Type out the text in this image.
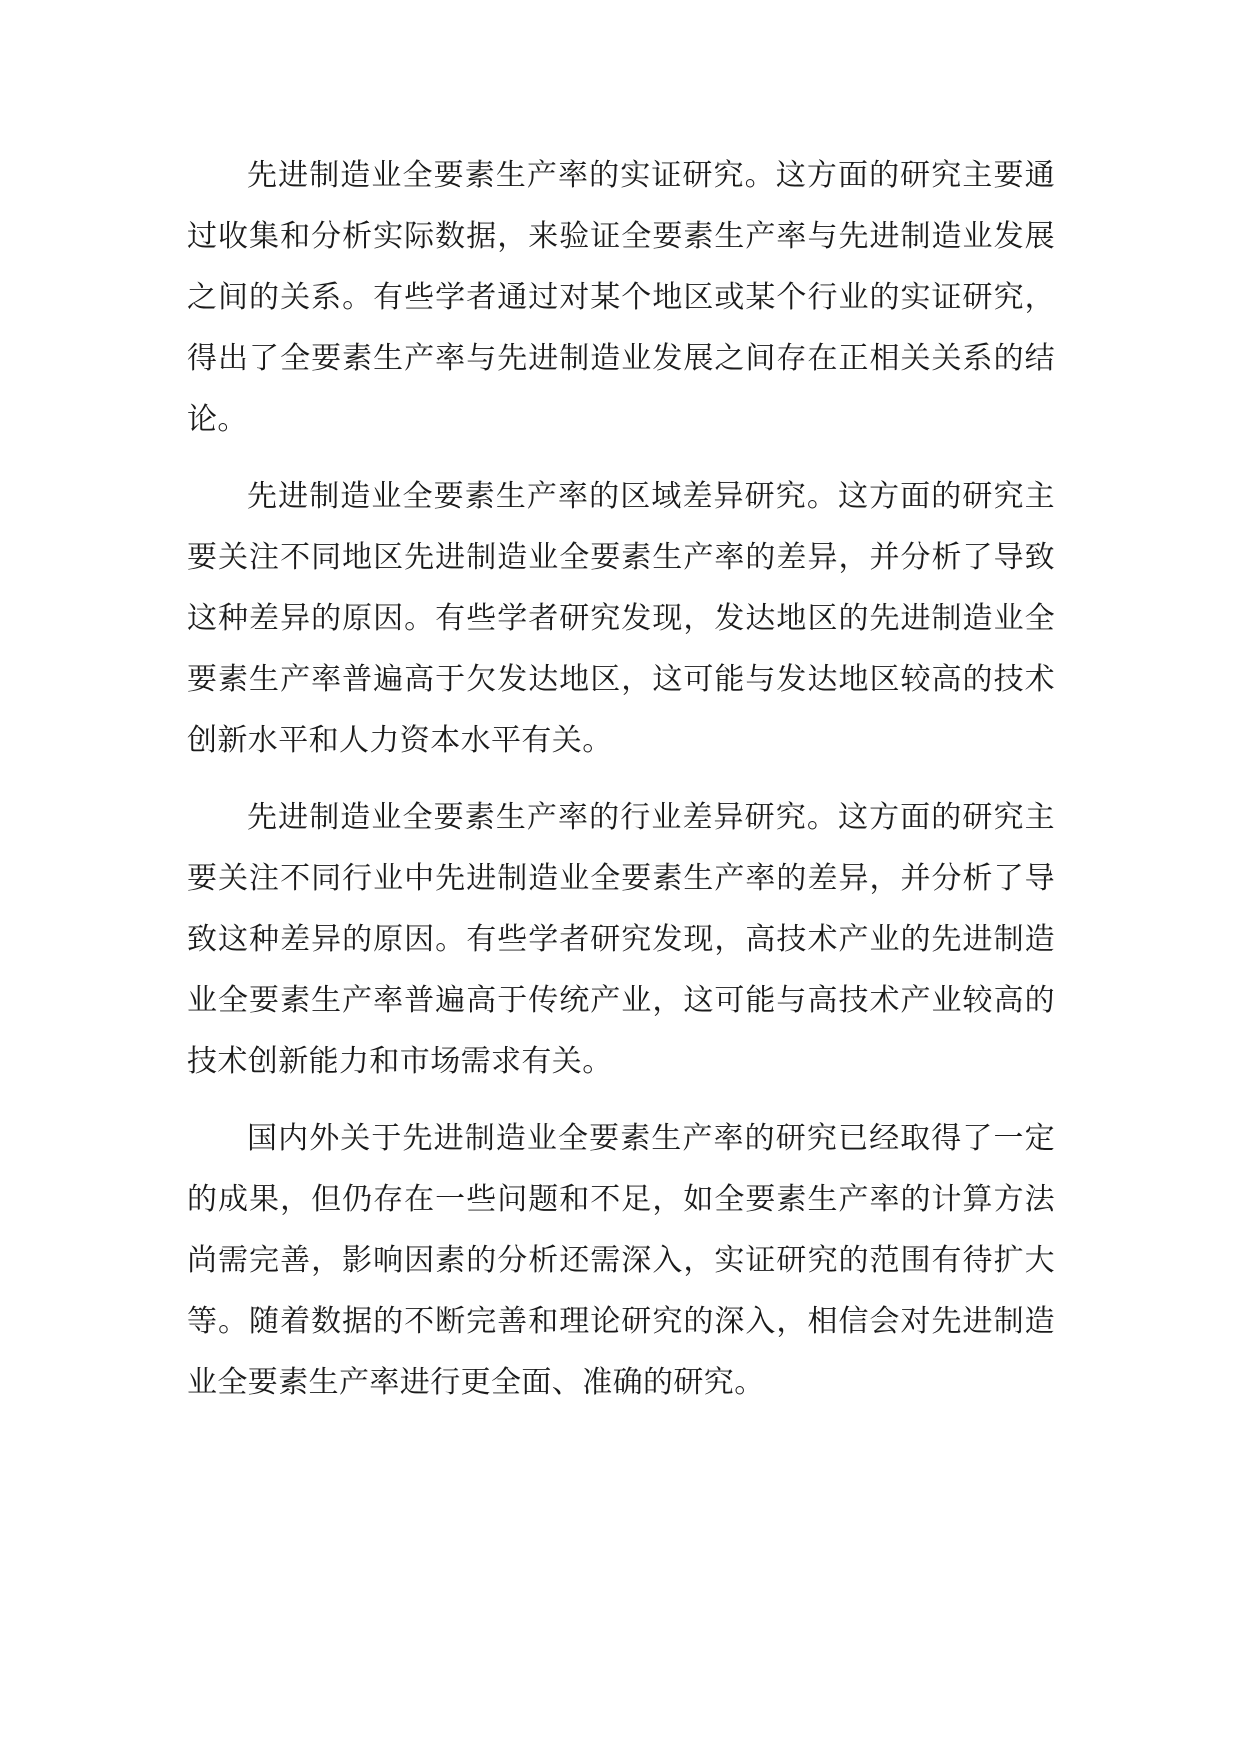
先进制造业全要素生产率的实证研究。这方面的研究主要通过收集和分析实际数据，来验证全要素生产率与先进制造业发展之间的关系。有些学者通过对某个地区或某个行业的实证研究，得出了全要素生产率与先进制造业发展之间存在正相关关系的结论。

先进制造业全要素生产率的区域差异研究。这方面的研究主要关注不同地区先进制造业全要素生产率的差异，并分析了导致这种差异的原因。有些学者研究发现，发达地区的先进制造业全要素生产率普遍高于欠发达地区，这可能与发达地区较高的技术创新水平和人力资本水平有关。

先进制造业全要素生产率的行业差异研究。这方面的研究主要关注不同行业中先进制造业全要素生产率的差异，并分析了导致这种差异的原因。有些学者研究发现，高技术产业的先进制造业全要素生产率普遍高于传统产业，这可能与高技术产业较高的技术创新能力和市场需求有关。

国内外关于先进制造业全要素生产率的研究已经取得了一定的成果，但仍存在一些问题和不足，如全要素生产率的计算方法尚需完善，影响因素的分析还需深入，实证研究的范围有待扩大等。随着数据的不断完善和理论研究的深入，相信会对先进制造业全要素生产率进行更全面、准确的研究。
